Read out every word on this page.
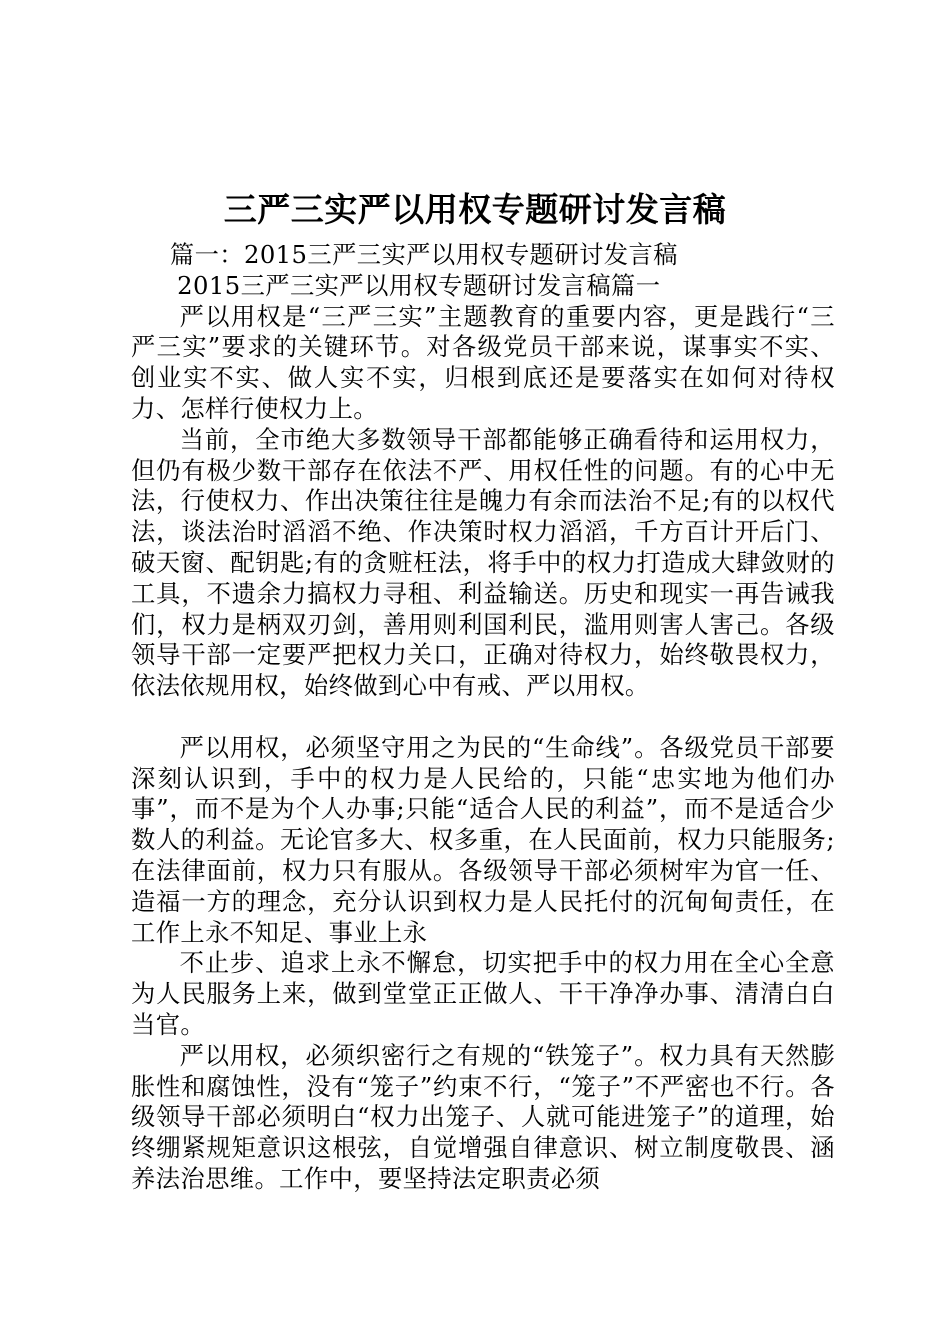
三严三实严以用权专题研讨发言稿

篇一：2015三严三实严以用权专题研讨发言稿

2015三严三实严以用权专题研讨发言稿篇一

严以用权是“三严三实”主题教育的重要内容，更是践行“三严三实”要求的关键环节。对各级党员干部来说，谋事实不实、创业实不实、做人实不实，归根到底还是要落实在如何对待权力、怎样行使权力上。

当前，全市绝大多数领导干部都能够正确看待和运用权力，但仍有极少数干部存在依法不严、用权任性的问题。有的心中无法，行使权力、作出决策往往是魄力有余而法治不足;有的以权代法，谈法治时滔滔不绝、作决策时权力滔滔，千方百计开后门、破天窗、配钥匙;有的贪赃枉法，将手中的权力打造成大肆敛财的工具，不遗余力搞权力寻租、利益输送。历史和现实一再告诫我们，权力是柄双刃剑，善用则利国利民，滥用则害人害己。各级领导干部一定要严把权力关口，正确对待权力，始终敬畏权力，依法依规用权，始终做到心中有戒、严以用权。

严以用权，必须坚守用之为民的“生命线”。各级党员干部要深刻认识到，手中的权力是人民给的，只能“忠实地为他们办事”，而不是为个人办事;只能“适合人民的利益”，而不是适合少数人的利益。无论官多大、权多重，在人民面前，权力只能服务;在法律面前，权力只有服从。各级领导干部必须树牢为官一任、造福一方的理念，充分认识到权力是人民托付的沉甸甸责任，在工作上永不知足、事业上永

不止步、追求上永不懈怠，切实把手中的权力用在全心全意为人民服务上来，做到堂堂正正做人、干干净净办事、清清白白当官。

严以用权，必须织密行之有规的“铁笼子”。权力具有天然膨胀性和腐蚀性，没有“笼子”约束不行，“笼子”不严密也不行。各级领导干部必须明白“权力出笼子、人就可能进笼子”的道理，始终绷紧规矩意识这根弦，自觉增强自律意识、树立制度敬畏、涵养法治思维。工作中，要坚持法定职责必须
